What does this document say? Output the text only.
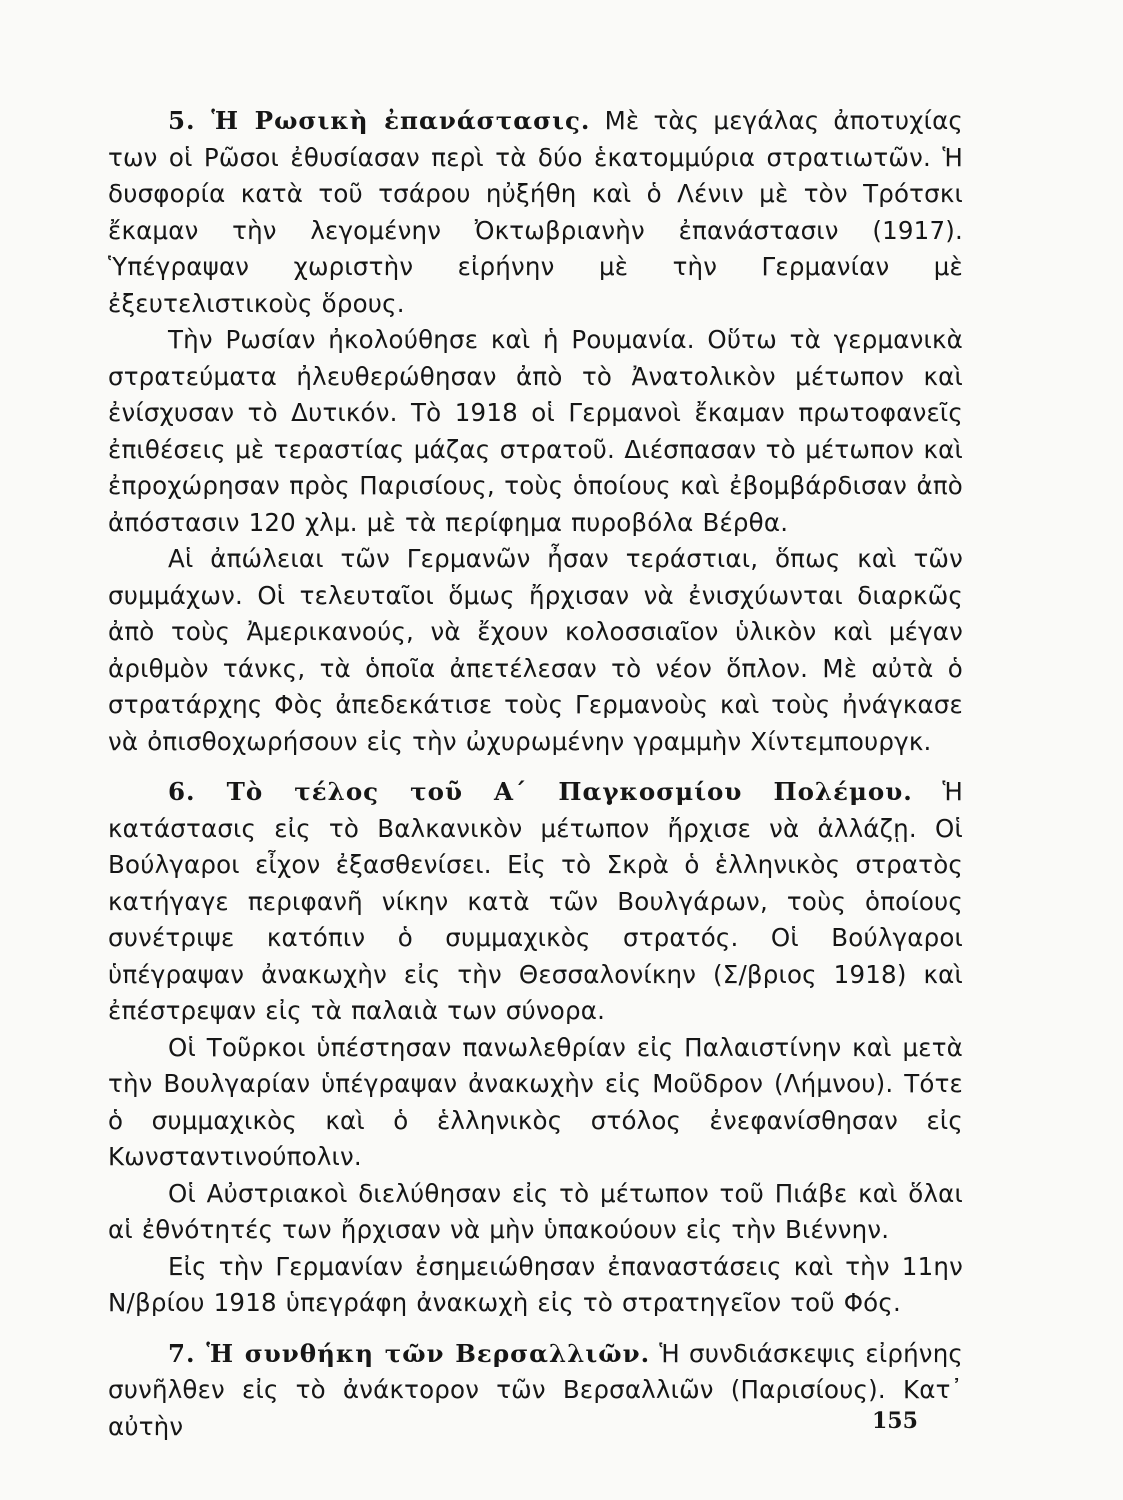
5. Ἡ Ρωσικὴ ἐπανάστασις. Μὲ τὰς μεγάλας ἀποτυχίας των οἱ Ρῶσοι ἐθυσίασαν περὶ τὰ δύο ἑκατομμύρια στρατιωτῶν. Ἡ δυσφορία κατὰ τοῦ τσάρου ηὐξήθη καὶ ὁ Λένιν μὲ τὸν Τρότσκι ἔκαμαν τὴν λεγομένην Ὀκτωβριανὴν ἐπανάστασιν (1917). Ὑπέγραψαν χωριστὴν εἰρήνην μὲ τὴν Γερμανίαν μὲ ἐξευτελιστικοὺς ὅρους.

Τὴν Ρωσίαν ἠκολούθησε καὶ ἡ Ρουμανία. Οὕτω τὰ γερμανικὰ στρατεύματα ἠλευθερώθησαν ἀπὸ τὸ Ἀνατολικὸν μέτωπον καὶ ἐνίσχυσαν τὸ Δυτικόν. Τὸ 1918 οἱ Γερμανοὶ ἔκαμαν πρωτοφανεῖς ἐπιθέσεις μὲ τεραστίας μάζας στρατοῦ. Διέσπασαν τὸ μέτωπον καὶ ἐπροχώρησαν πρὸς Παρισίους, τοὺς ὁποίους καὶ ἐβομβάρδισαν ἀπὸ ἀπόστασιν 120 χλμ. μὲ τὰ περίφημα πυροβόλα Βέρθα.

Αἱ ἀπώλειαι τῶν Γερμανῶν ἦσαν τεράστιαι, ὅπως καὶ τῶν συμμάχων. Οἱ τελευταῖοι ὅμως ἤρχισαν νὰ ἐνισχύωνται διαρκῶς ἀπὸ τοὺς Ἀμερικανούς, νὰ ἔχουν κολοσσιαῖον ὑλικὸν καὶ μέγαν ἀριθμὸν τάνκς, τὰ ὁποῖα ἀπετέλεσαν τὸ νέον ὅπλον. Μὲ αὐτὰ ὁ στρατάρχης Φὸς ἀπεδεκάτισε τοὺς Γερμανοὺς καὶ τοὺς ἠνάγκασε νὰ ὀπισθοχωρήσουν εἰς τὴν ὠχυρωμένην γραμμὴν Χίντεμπουργκ.

6. Τὸ τέλος τοῦ Α΄ Παγκοσμίου Πολέμου. Ἡ κατάστασις εἰς τὸ Βαλκανικὸν μέτωπον ἤρχισε νὰ ἀλλάζῃ. Οἱ Βούλγαροι εἶχον ἐξασθενίσει. Εἰς τὸ Σκρὰ ὁ ἑλληνικὸς στρατὸς κατήγαγε περιφανῆ νίκην κατὰ τῶν Βουλγάρων, τοὺς ὁποίους συνέτριψε κατόπιν ὁ συμμαχικὸς στρατός. Οἱ Βούλγαροι ὑπέγραψαν ἀνακωχὴν εἰς τὴν Θεσσαλονίκην (Σ/βριος 1918) καὶ ἐπέστρεψαν εἰς τὰ παλαιὰ των σύνορα.

Οἱ Τοῦρκοι ὑπέστησαν πανωλεθρίαν εἰς Παλαιστίνην καὶ μετὰ τὴν Βουλγαρίαν ὑπέγραψαν ἀνακωχὴν εἰς Μοῦδρον (Λήμνου). Τότε ὁ συμμαχικὸς καὶ ὁ ἑλληνικὸς στόλος ἐνεφανίσθησαν εἰς Κωνσταντινούπολιν.

Οἱ Αὐστριακοὶ διελύθησαν εἰς τὸ μέτωπον τοῦ Πιάβε καὶ ὅλαι αἱ ἐθνότητές των ἤρχισαν νὰ μὴν ὑπακούουν εἰς τὴν Βιέννην.

Εἰς τὴν Γερμανίαν ἐσημειώθησαν ἐπαναστάσεις καὶ τὴν 11ην Ν/βρίου 1918 ὑπεγράφη ἀνακωχὴ εἰς τὸ στρατηγεῖον τοῦ Φός.

7. Ἡ συνθήκη τῶν Βερσαλλιῶν. Ἡ συνδιάσκεψις εἰρήνης συνῆλθεν εἰς τὸ ἀνάκτορον τῶν Βερσαλλιῶν (Παρισίους). Κατ᾽ αὐτὴν	155
